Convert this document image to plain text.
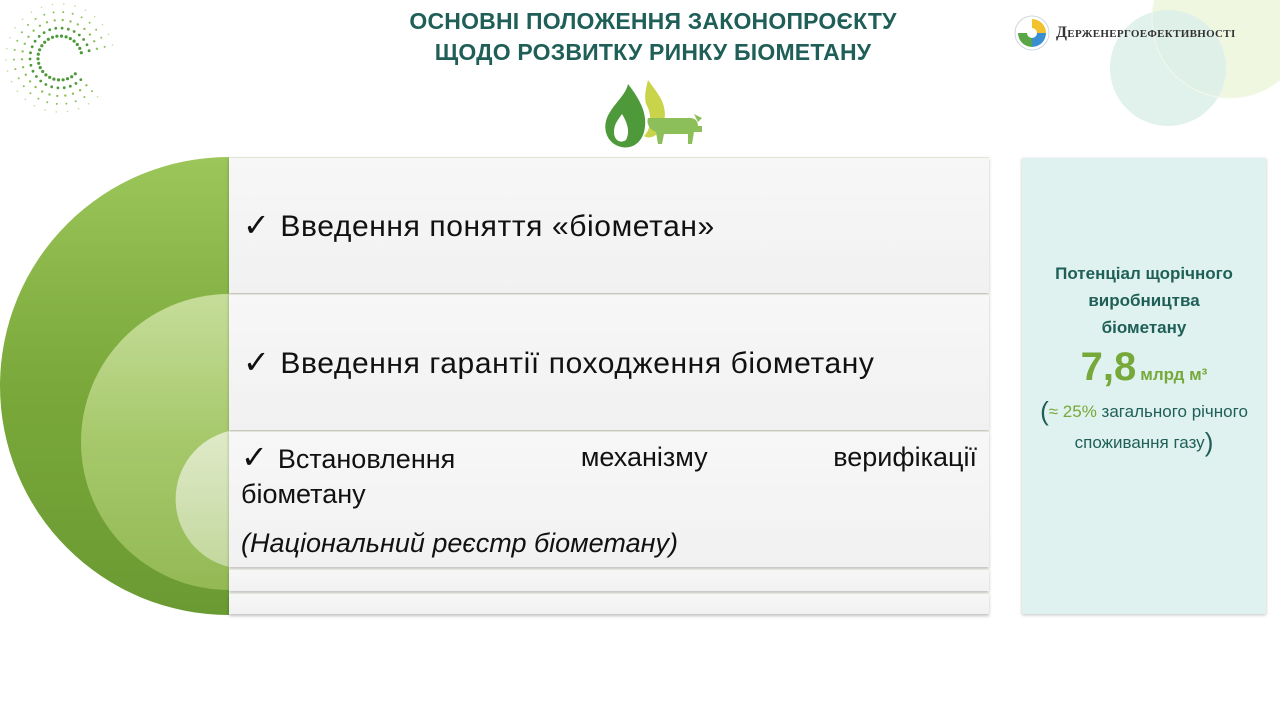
ОСНОВНІ ПОЛОЖЕННЯ ЗАКОНОПРОЄКТУ
ЩОДО РОЗВИТКУ РИНКУ БІОМЕТАНУ
Держенергоефективності
✓ Введення поняття «біометан»
✓ Введення гарантії походження біометану
✓ Встановлення	механізму	верифікації
біометану
(Національний реєстр біометану)
Потенціал щорічного виробництва біометану
7,8 млрд м³
(≈ 25% загального річного споживання газу)
